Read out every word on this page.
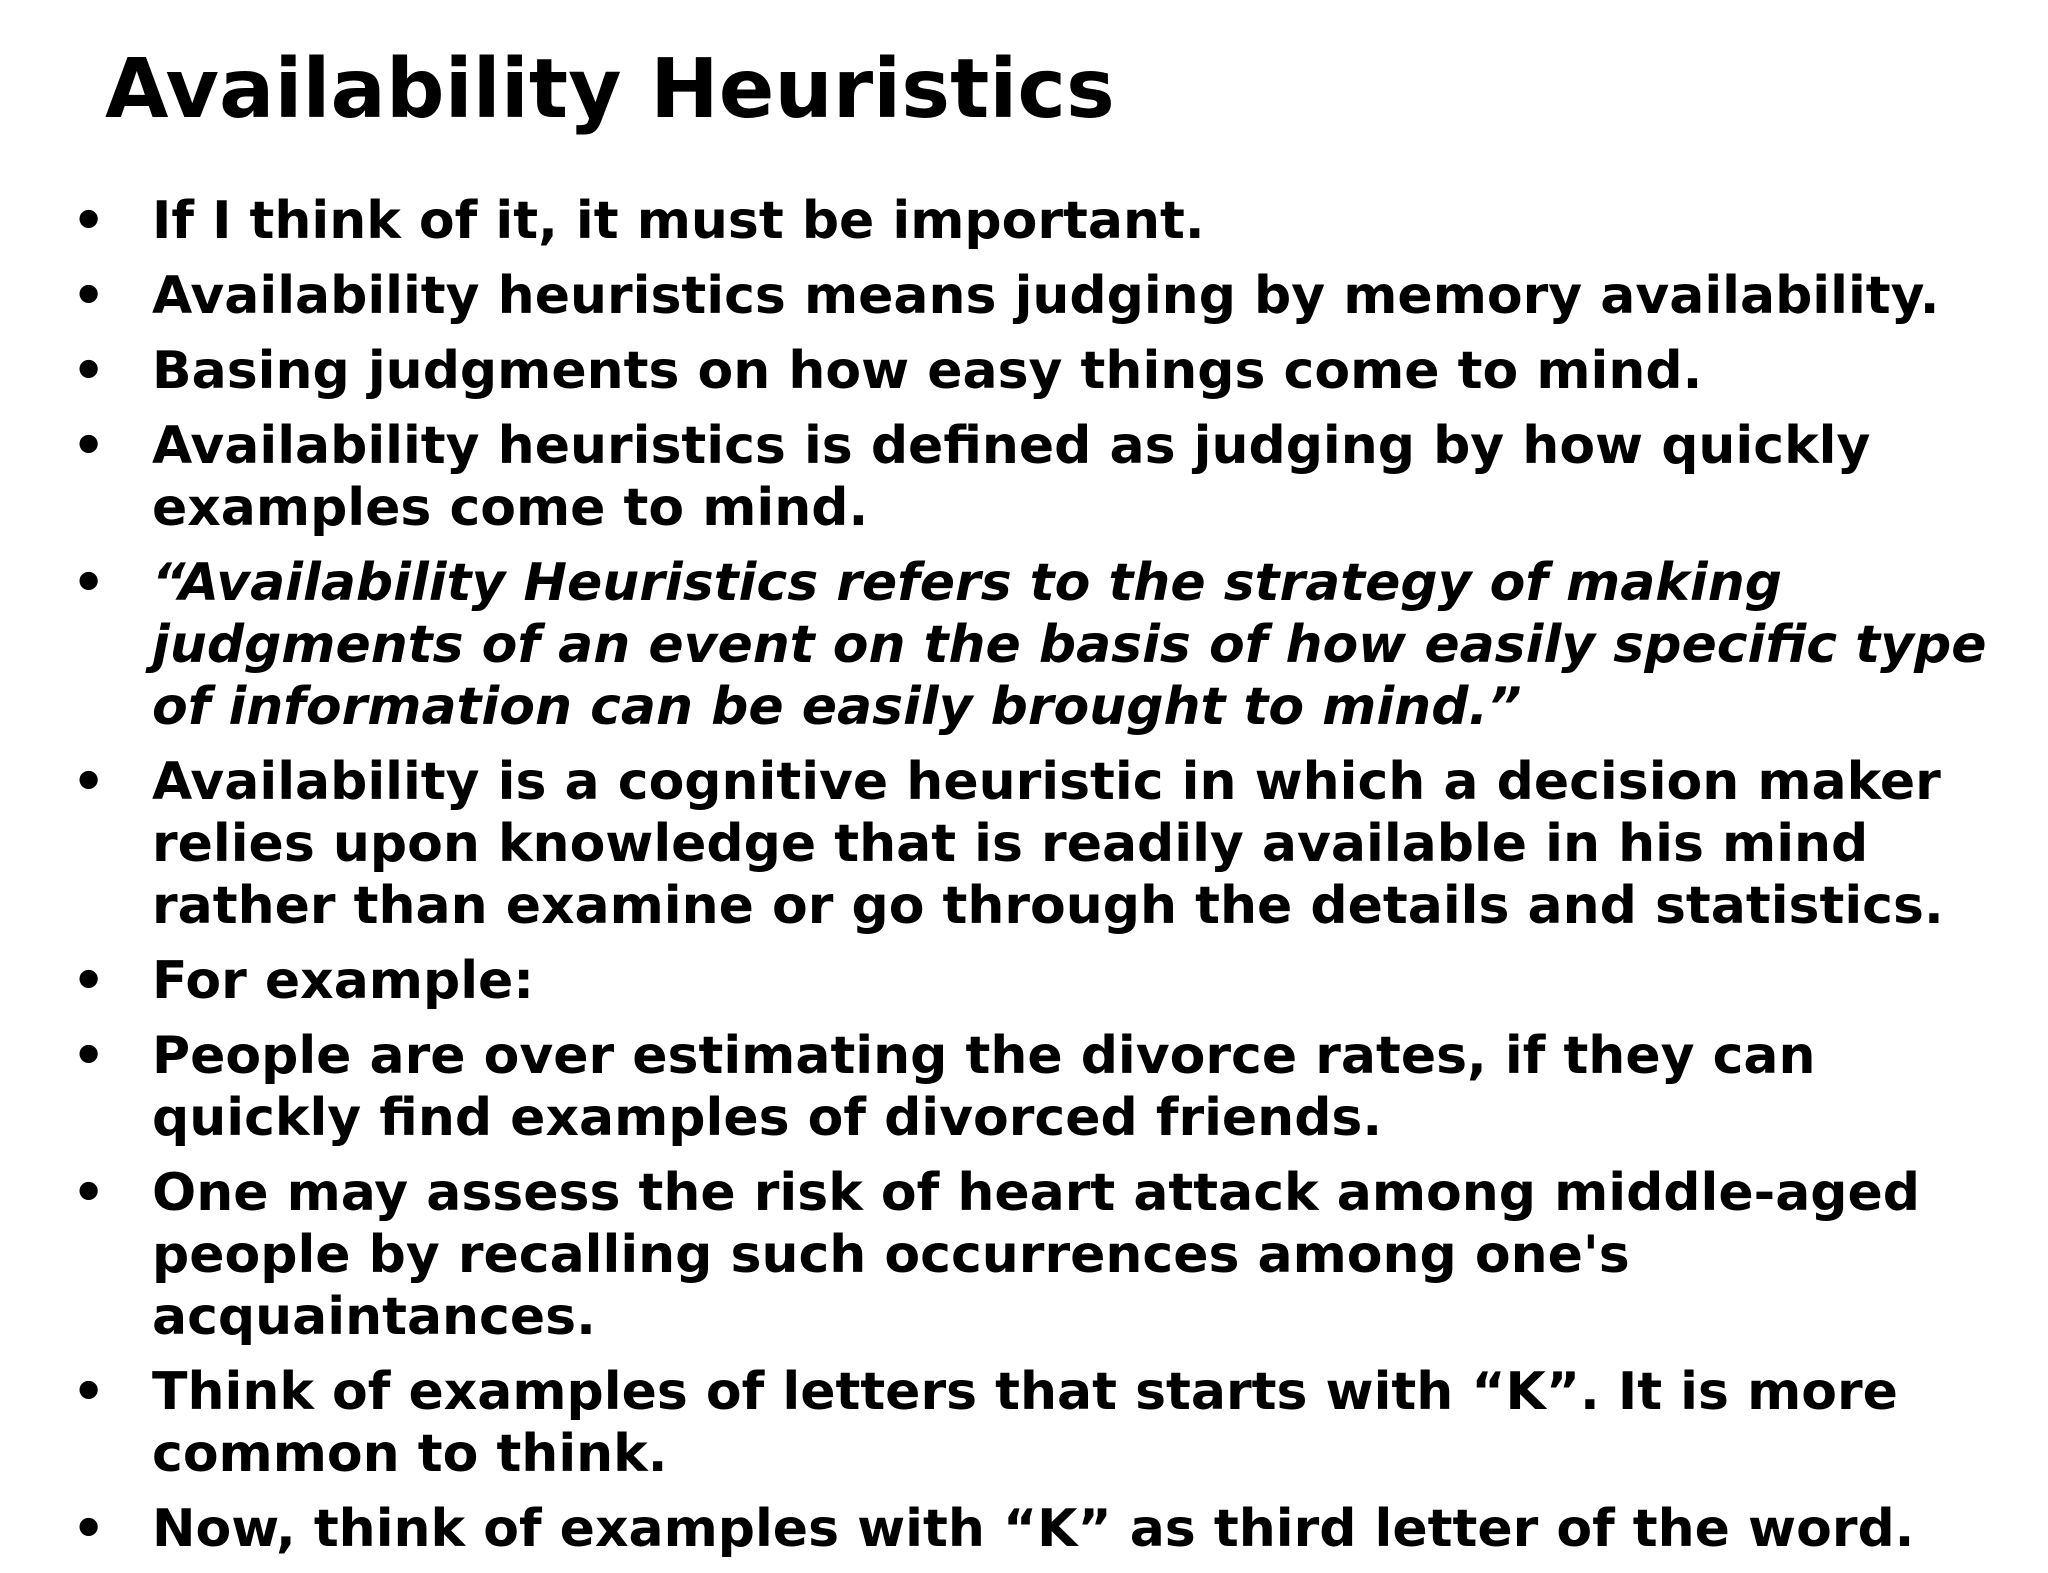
Availability Heuristics
• If I think of it, it must be important.
• Availability heuristics means judging by memory availability.
• Basing judgments on how easy things come to mind.
• Availability heuristics is defined as judging by how quickly examples come to mind.
• “Availability Heuristics refers to the strategy of making judgments of an event on the basis of how easily specific type of information can be easily brought to mind.”
• Availability is a cognitive heuristic in which a decision maker relies upon knowledge that is readily available in his mind rather than examine or go through the details and statistics.
• For example:
• People are over estimating the divorce rates, if they can quickly find examples of divorced friends.
• One may assess the risk of heart attack among middle-aged people by recalling such occurrences among one's acquaintances.
• Think of examples of letters that starts with “K”. It is more common to think.
• Now, think of examples with “K” as third letter of the word.
